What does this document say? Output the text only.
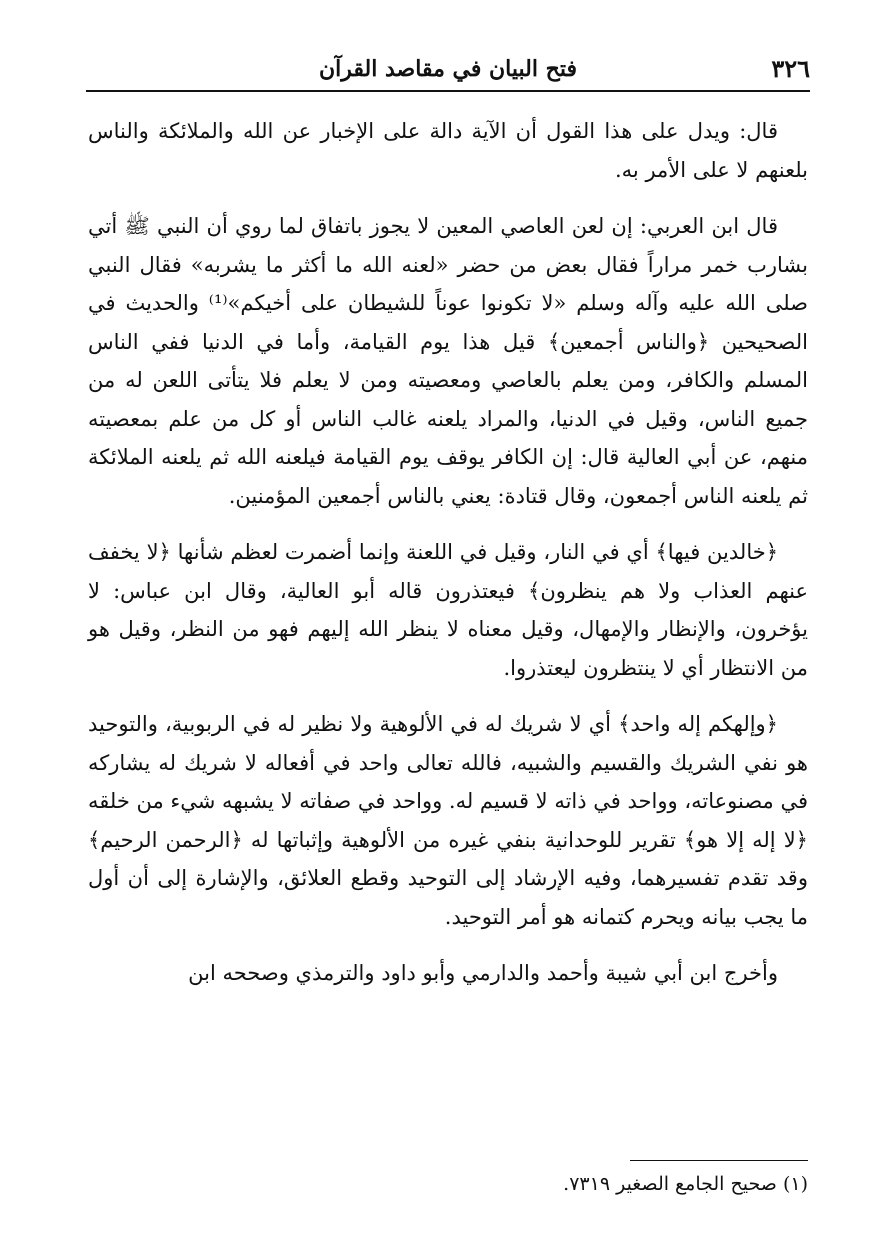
٣٢٦
فتح البيان في مقاصد القرآن

قال: ويدل على هذا القول أن الآية دالة على الإخبار عن الله والملائكة والناس بلعنهم لا على الأمر به.

قال ابن العربي: إن لعن العاصي المعين لا يجوز باتفاق لما روي أن النبي ﷺ أتي بشارب خمر مراراً فقال بعض من حضر «لعنه الله ما أكثر ما يشربه» فقال النبي صلى الله عليه وآله وسلم «لا تكونوا عوناً للشيطان على أخيكم»⁽¹⁾ والحديث في الصحيحين ﴿والناس أجمعين﴾ قيل هذا يوم القيامة، وأما في الدنيا ففي الناس المسلم والكافر، ومن يعلم بالعاصي ومعصيته ومن لا يعلم فلا يتأتى اللعن له من جميع الناس، وقيل في الدنيا، والمراد يلعنه غالب الناس أو كل من علم بمعصيته منهم، عن أبي العالية قال: إن الكافر يوقف يوم القيامة فيلعنه الله ثم يلعنه الملائكة ثم يلعنه الناس أجمعون، وقال قتادة: يعني بالناس أجمعين المؤمنين.

﴿خالدين فيها﴾ أي في النار، وقيل في اللعنة وإنما أضمرت لعظم شأنها ﴿لا يخفف عنهم العذاب ولا هم ينظرون﴾ فيعتذرون قاله أبو العالية، وقال ابن عباس: لا يؤخرون، والإنظار والإمهال، وقيل معناه لا ينظر الله إليهم فهو من النظر، وقيل هو من الانتظار أي لا ينتظرون ليعتذروا.

﴿وإلهكم إله واحد﴾ أي لا شريك له في الألوهية ولا نظير له في الربوبية، والتوحيد هو نفي الشريك والقسيم والشبيه، فالله تعالى واحد في أفعاله لا شريك له يشاركه في مصنوعاته، وواحد في ذاته لا قسيم له. وواحد في صفاته لا يشبهه شيء من خلقه ﴿لا إله إلا هو﴾ تقرير للوحدانية بنفي غيره من الألوهية وإثباتها له ﴿الرحمن الرحيم﴾ وقد تقدم تفسيرهما، وفيه الإرشاد إلى التوحيد وقطع العلائق، والإشارة إلى أن أول ما يجب بيانه ويحرم كتمانه هو أمر التوحيد.

وأخرج ابن أبي شيبة وأحمد والدارمي وأبو داود والترمذي وصححه ابن

(١) صحيح الجامع الصغير ٧٣١٩.
